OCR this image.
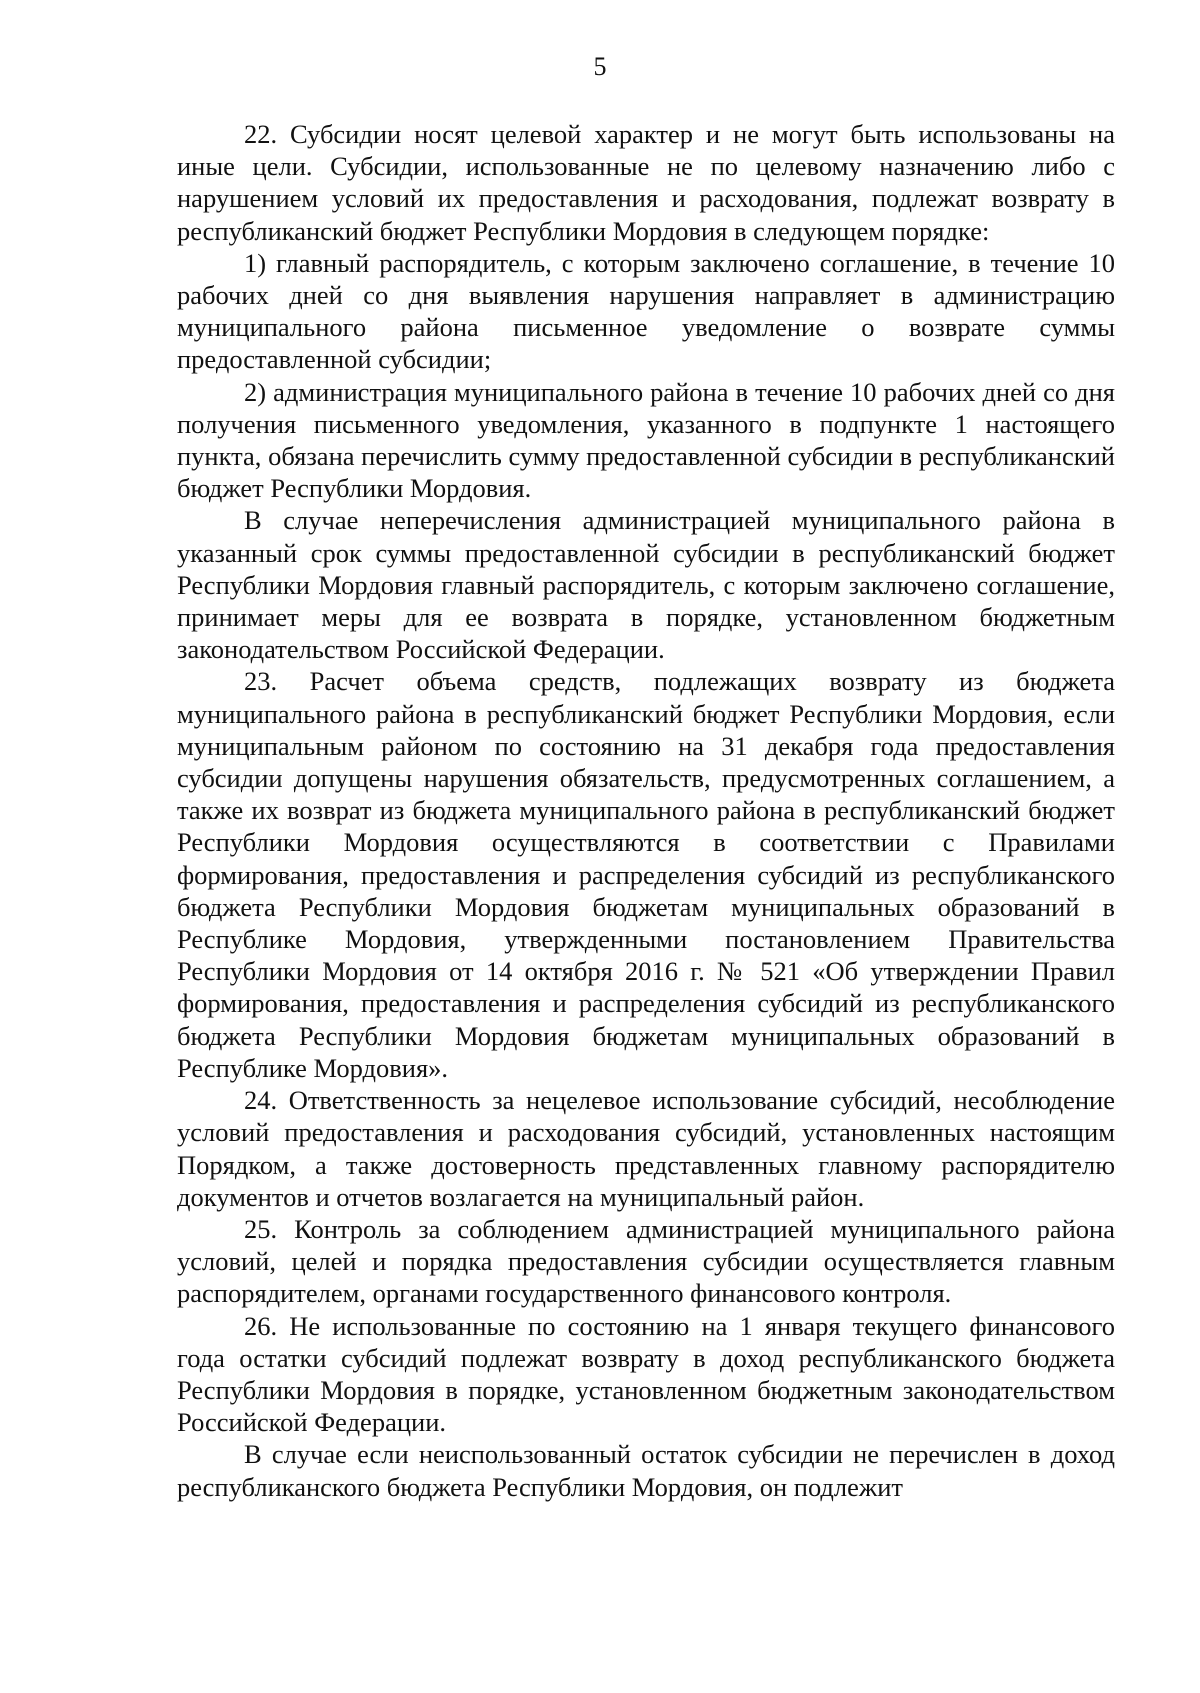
5

22. Субсидии носят целевой характер и не могут быть использованы на иные цели. Субсидии, использованные не по целевому назначению либо с нарушением условий их предоставления и расходования, подлежат возврату в республиканский бюджет Республики Мордовия в следующем порядке:

1) главный распорядитель, с которым заключено соглашение, в течение 10 рабочих дней со дня выявления нарушения направляет в администрацию муниципального района письменное уведомление о возврате суммы предоставленной субсидии;

2) администрация муниципального района в течение 10 рабочих дней со дня получения письменного уведомления, указанного в подпункте 1 настоящего пункта, обязана перечислить сумму предоставленной субсидии в республиканский бюджет Республики Мордовия.

В случае неперечисления администрацией муниципального района в указанный срок суммы предоставленной субсидии в республиканский бюджет Республики Мордовия главный распорядитель, с которым заключено соглашение, принимает меры для ее возврата в порядке, установленном бюджетным законодательством Российской Федерации.

23. Расчет объема средств, подлежащих возврату из бюджета муниципального района в республиканский бюджет Республики Мордовия, если муниципальным районом по состоянию на 31 декабря года предоставления субсидии допущены нарушения обязательств, предусмотренных соглашением, а также их возврат из бюджета муниципального района в республиканский бюджет Республики Мордовия осуществляются в соответствии с Правилами формирования, предоставления и распределения субсидий из республиканского бюджета Республики Мордовия бюджетам муниципальных образований в Республике Мордовия, утвержденными постановлением Правительства Республики Мордовия от 14 октября 2016 г. № 521 «Об утверждении Правил формирования, предоставления и распределения субсидий из республиканского бюджета Республики Мордовия бюджетам муниципальных образований в Республике Мордовия».

24. Ответственность за нецелевое использование субсидий, несоблюдение условий предоставления и расходования субсидий, установленных настоящим Порядком, а также достоверность представленных главному распорядителю документов и отчетов возлагается на муниципальный район.

25. Контроль за соблюдением администрацией муниципального района условий, целей и порядка предоставления субсидии осуществляется главным распорядителем, органами государственного финансового контроля.

26. Не использованные по состоянию на 1 января текущего финансового года остатки субсидий подлежат возврату в доход республиканского бюджета Республики Мордовия в порядке, установленном бюджетным законодательством Российской Федерации.

В случае если неиспользованный остаток субсидии не перечислен в доход республиканского бюджета Республики Мордовия, он подлежит
